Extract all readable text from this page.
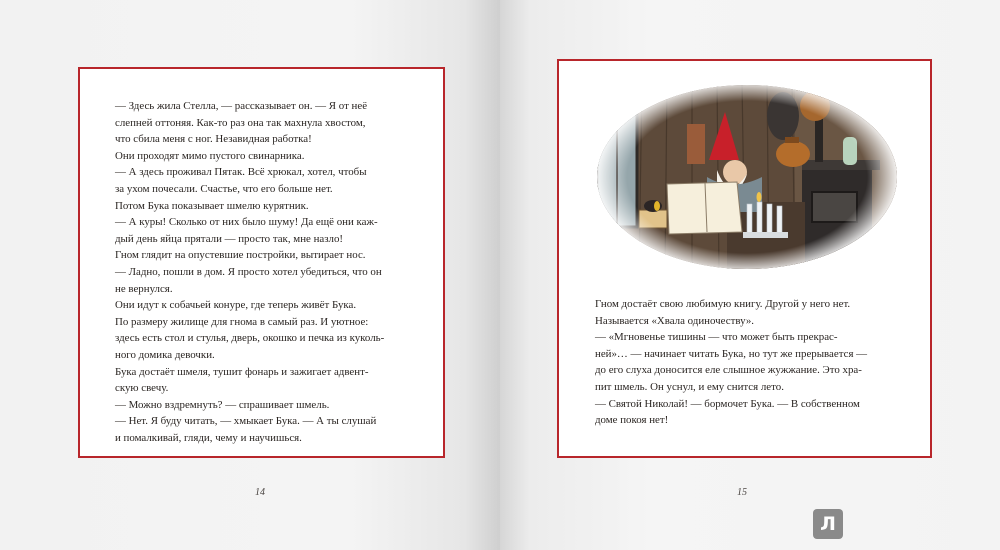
— Здесь жила Стелла, — рассказывает он. — Я от неё

слепней оттоняя. Как-то раз она так махнула хвостом,

что сбила меня с ног. Незавидная работка!

Они проходят мимо пустого свинарника.

— А здесь проживал Пятак. Всё хрюкал, хотел, чтобы

за ухом почесали. Счастье, что его больше нет.

Потом Бука показывает шмелю курятник.

— А куры! Сколько от них было шуму! Да ещё они каж-

дый день яйца прятали — просто так, мне назло!

Гном глядит на опустевшие постройки, вытирает нос.

— Ладно, пошли в дом. Я просто хотел убедиться, что он

не вернулся.

Они идут к собачьей конуре, где теперь живёт Бука.

По размеру жилище для гнома в самый раз. И уютное:

здесь есть стол и стулья, дверь, окошко и печка из куколь-

ного домика девочки.

Бука достаёт шмеля, тушит фонарь и зажигает адвент-

скую свечу.

— Можно вздремнуть? — спрашивает шмель.

— Нет. Я буду читать, — хмыкает Бука. — А ты слушай

и помалкивай, гляди, чему и научишься.

Гном достаёт свою любимую книгу. Другой у него нет.

Называется «Хвала одиночеству».

— «Мгновенье тишины — что может быть прекрас-

ней»… — начинает читать Бука, но тут же прерывается —

до его слуха доносится еле слышное жужжание. Это хра-

пит шмель. Он уснул, и ему снится лето.

— Святой Николай! — бормочет Бука. — В собственном

доме покоя нет!

14	15
Л
